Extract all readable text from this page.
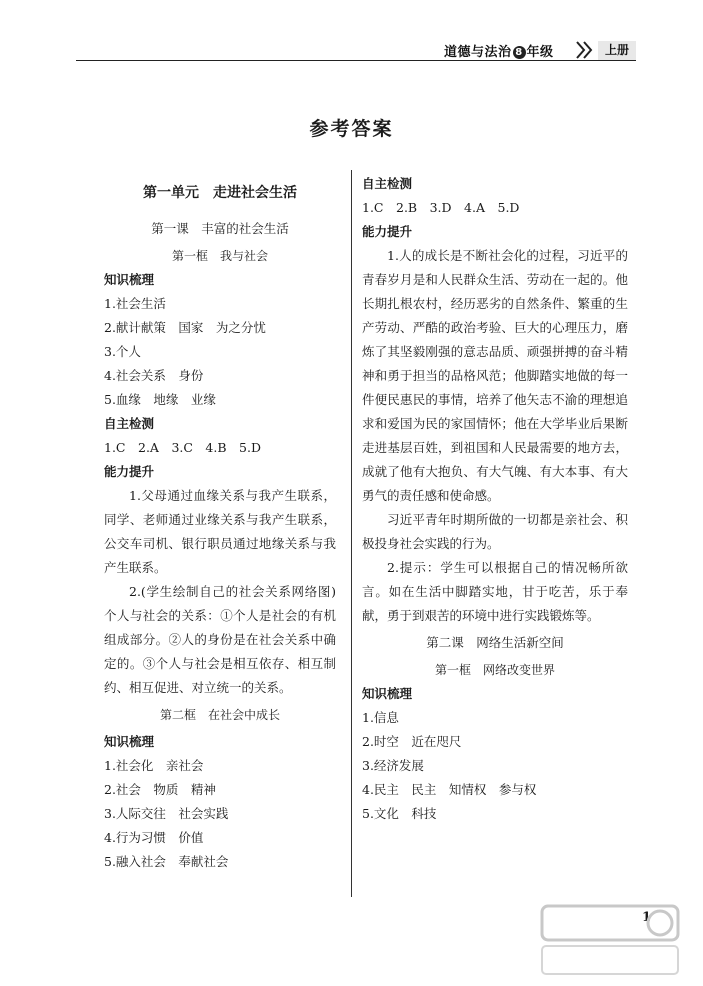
道德与法治 8 年级	上册
参考答案
第一单元　走进社会生活
第一课　丰富的社会生活
第一框　我与社会
知识梳理
1.社会生活
2.献计献策　国家　为之分忧
3.个人
4.社会关系　身份
5.血缘　地缘　业缘
自主检测
1.C　2.A　3.C　4.B　5.D
能力提升
1.父母通过血缘关系与我产生联系，同学、老师通过业缘关系与我产生联系，公交车司机、银行职员通过地缘关系与我产生联系。
2.(学生绘制自己的社会关系网络图)个人与社会的关系：①个人是社会的有机组成部分。②人的身份是在社会关系中确定的。③个人与社会是相互依存、相互制约、相互促进、对立统一的关系。
第二框　在社会中成长
知识梳理
1.社会化　亲社会
2.社会　物质　精神
3.人际交往　社会实践
4.行为习惯　价值
5.融入社会　奉献社会
自主检测
1.C　2.B　3.D　4.A　5.D
能力提升
1.人的成长是不断社会化的过程，习近平的青春岁月是和人民群众生活、劳动在一起的。他长期扎根农村，经历恶劣的自然条件、繁重的生产劳动、严酷的政治考验、巨大的心理压力，磨炼了其坚毅刚强的意志品质、顽强拼搏的奋斗精神和勇于担当的品格风范；他脚踏实地做的每一件便民惠民的事情，培养了他矢志不渝的理想追求和爱国为民的家国情怀；他在大学毕业后果断走进基层百姓，到祖国和人民最需要的地方去，成就了他有大抱负、有大气魄、有大本事、有大勇气的责任感和使命感。
习近平青年时期所做的一切都是亲社会、积极投身社会实践的行为。
2.提示：学生可以根据自己的情况畅所欲言。如在生活中脚踏实地，甘于吃苦，乐于奉献，勇于到艰苦的环境中进行实践锻炼等。
第二课　网络生活新空间
第一框　网络改变世界
知识梳理
1.信息
2.时空　近在咫尺
3.经济发展
4.民主　民主　知情权　参与权
5.文化　科技
1
